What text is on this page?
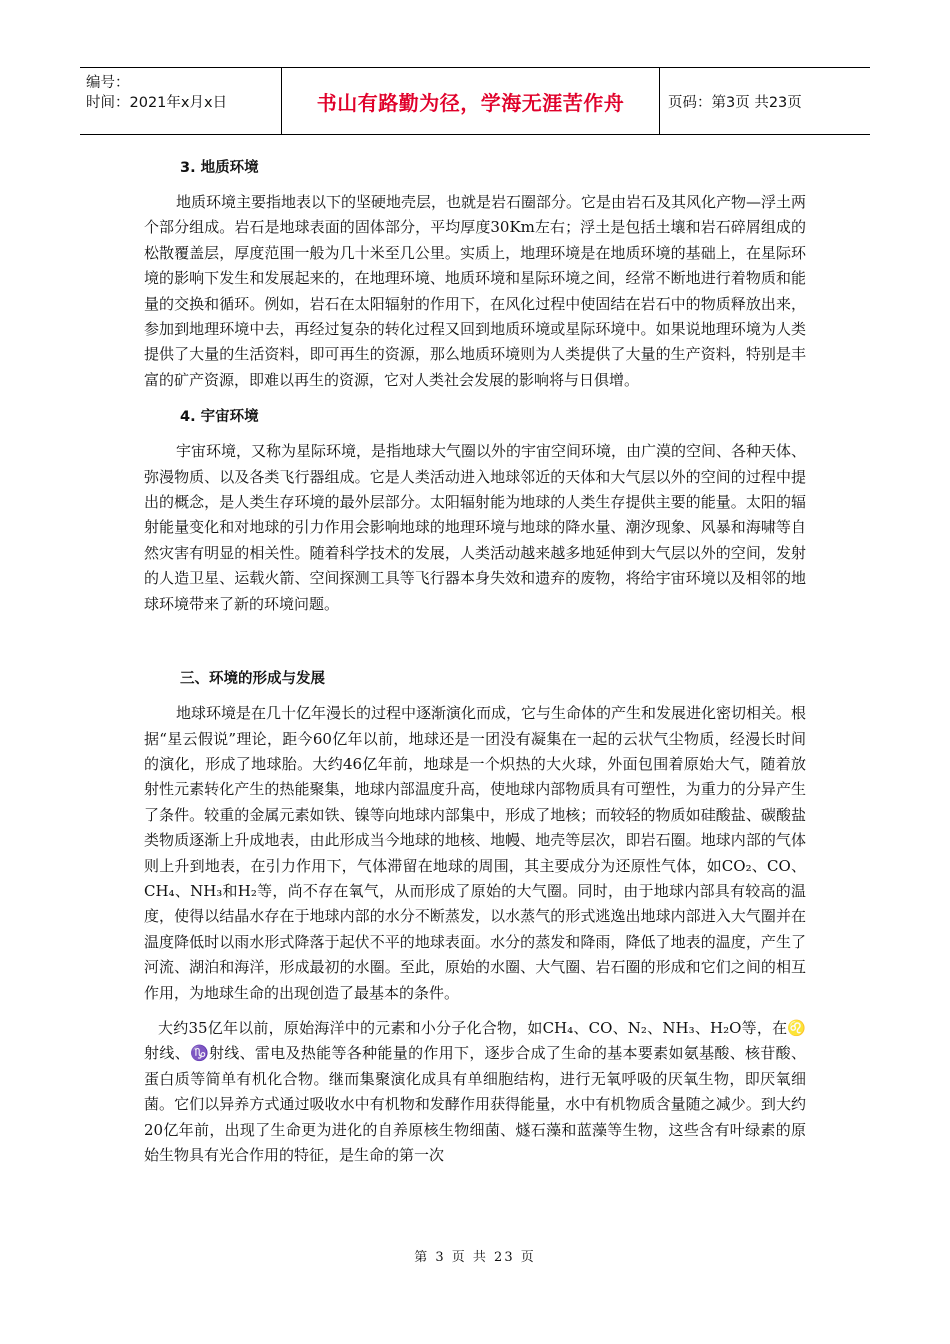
编号：
时间：2021年x月x日	书山有路勤为径，学海无涯苦作舟	页码：第3页 共23页
3. 地质环境

地质环境主要指地表以下的坚硬地壳层，也就是岩石圈部分。它是由岩石及其风化产物—浮土两个部分组成。岩石是地球表面的固体部分，平均厚度30Km左右；浮土是包括土壤和岩石碎屑组成的松散覆盖层，厚度范围一般为几十米至几公里。实质上，地理环境是在地质环境的基础上，在星际环境的影响下发生和发展起来的，在地理环境、地质环境和星际环境之间，经常不断地进行着物质和能量的交换和循环。例如，岩石在太阳辐射的作用下，在风化过程中使固结在岩石中的物质释放出来，参加到地理环境中去，再经过复杂的转化过程又回到地质环境或星际环境中。如果说地理环境为人类提供了大量的生活资料，即可再生的资源，那么地质环境则为人类提供了大量的生产资料，特别是丰富的矿产资源，即难以再生的资源，它对人类社会发展的影响将与日俱增。

4. 宇宙环境

宇宙环境，又称为星际环境，是指地球大气圈以外的宇宙空间环境，由广漠的空间、各种天体、弥漫物质、以及各类飞行器组成。它是人类活动进入地球邻近的天体和大气层以外的空间的过程中提出的概念，是人类生存环境的最外层部分。太阳辐射能为地球的人类生存提供主要的能量。太阳的辐射能量变化和对地球的引力作用会影响地球的地理环境与地球的降水量、潮汐现象、风暴和海啸等自然灾害有明显的相关性。随着科学技术的发展，人类活动越来越多地延伸到大气层以外的空间，发射的人造卫星、运载火箭、空间探测工具等飞行器本身失效和遗弃的废物，将给宇宙环境以及相邻的地球环境带来了新的环境问题。

三、环境的形成与发展

地球环境是在几十亿年漫长的过程中逐渐演化而成，它与生命体的产生和发展进化密切相关。根据“星云假说”理论，距今60亿年以前，地球还是一团没有凝集在一起的云状气尘物质，经漫长时间的演化，形成了地球胎。大约46亿年前，地球是一个炽热的大火球，外面包围着原始大气，随着放射性元素转化产生的热能聚集，地球内部温度升高，使地球内部物质具有可塑性，为重力的分异产生了条件。较重的金属元素如铁、镍等向地球内部集中，形成了地核；而较轻的物质如硅酸盐、碳酸盐类物质逐渐上升成地表，由此形成当今地球的地核、地幔、地壳等层次，即岩石圈。地球内部的气体则上升到地表，在引力作用下，气体滞留在地球的周围，其主要成分为还原性气体，如CO₂、CO、CH₄、NH₃和H₂等，尚不存在氧气，从而形成了原始的大气圈。同时，由于地球内部具有较高的温度，使得以结晶水存在于地球内部的水分不断蒸发，以水蒸气的形式逃逸出地球内部进入大气圈并在温度降低时以雨水形式降落于起伏不平的地球表面。水分的蒸发和降雨，降低了地表的温度，产生了河流、湖泊和海洋，形成最初的水圈。至此，原始的水圈、大气圈、岩石圈的形成和它们之间的相互作用，为地球生命的出现创造了最基本的条件。

大约35亿年以前，原始海洋中的元素和小分子化合物，如CH₄、CO、N₂、NH₃、H₂O等，在♌射线、♑射线、雷电及热能等各种能量的作用下，逐步合成了生命的基本要素如氨基酸、核苷酸、蛋白质等简单有机化合物。继而集聚演化成具有单细胞结构，进行无氧呼吸的厌氧生物，即厌氧细菌。它们以异养方式通过吸收水中有机物和发酵作用获得能量，水中有机物质含量随之减少。到大约20亿年前，出现了生命更为进化的自养原核生物细菌、燧石藻和蓝藻等生物，这些含有叶绿素的原始生物具有光合作用的特征，是生命的第一次

第 3 页 共 23 页
